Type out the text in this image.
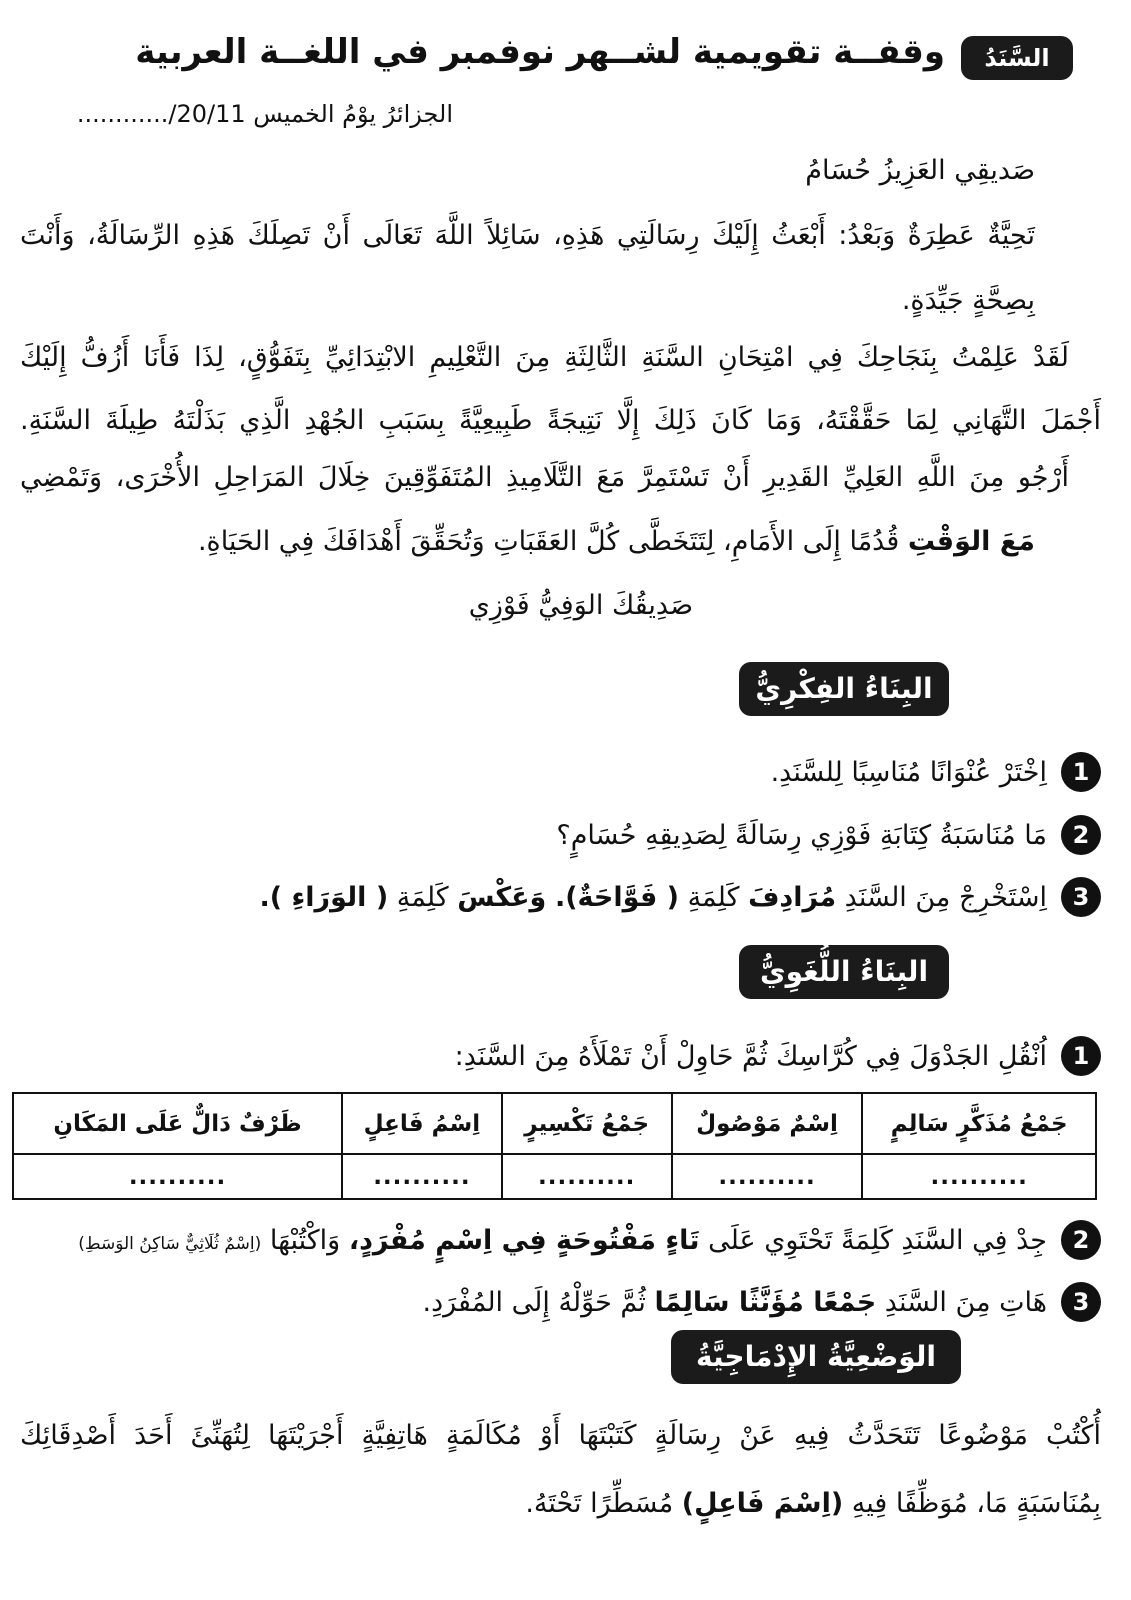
السَّنَدُ
وقفــة تقويمية لشــهر نوفمبر في اللغــة العربية
الجزائرُ يوْمُ الخميس 20/11/............
صَديقِي العَزِيزُ حُسَامُ
تَحِيَّةٌ عَطِرَةٌ وَبَعْدُ: أَبْعَثُ إِلَيْكَ رِسَالَتِي هَذِهِ، سَائِلاً اللَّهَ تَعَالَى أَنْ تَصِلَكَ هَذِهِ الرِّسَالَةُ، وَأَنْتَ
بِصِحَّةٍ جَيِّدَةٍ.
لَقَدْ عَلِمْتُ بِنَجَاحِكَ فِي امْتِحَانِ السَّنَةِ الثَّالِثَةِ مِنَ التَّعْلِيمِ الابْتِدَائِيِّ بِتَفَوُّقٍ، لِذَا فَأَنَا أَزُفُّ إِلَيْكَ
أَجْمَلَ التَّهَانِي لِمَا حَقَّقْتَهُ، وَمَا كَانَ ذَلِكَ إِلَّا نَتِيجَةً طَبِيعِيَّةً بِسَبَبِ الجُهْدِ الَّذِي بَذَلْتَهُ طِيلَةَ السَّنَةِ.
أَرْجُو مِنَ اللَّهِ العَلِيِّ القَدِيرِ أَنْ تَسْتَمِرَّ مَعَ التَّلَامِيذِ المُتَفَوِّقِينَ خِلَالَ المَرَاحِلِ الأُخْرَى، وَتَمْضِي
مَعَ الوَقْتِ قُدُمًا إِلَى الأَمَامِ، لِتَتَخَطَّى كُلَّ العَقَبَاتِ وَتُحَقِّقَ أَهْدَافَكَ فِي الحَيَاةِ.
صَدِيقُكَ الوَفِيُّ فَوْزِي
البِنَاءُ الفِكْرِيُّ
1
اِخْتَرْ عُنْوَانًا مُنَاسِبًا لِلسَّنَدِ.
2
مَا مُنَاسَبَةُ كِتَابَةِ فَوْزِي رِسَالَةً لِصَدِيقِهِ حُسَامٍ؟
3
اِسْتَخْرِجْ مِنَ السَّنَدِ مُرَادِفَ كَلِمَةِ ( فَوَّاحَةٌ). وَعَكْسَ كَلِمَةِ ( الوَرَاءِ ).
البِنَاءُ اللُّغَوِيُّ
1
اُنْقُلِ الجَدْوَلَ فِي كُرَّاسِكَ ثُمَّ حَاوِلْ أَنْ تَمْلَأَهُ مِنَ السَّنَدِ:
جَمْعُ مُذَكَّرٍ سَالِمٍ	اِسْمٌ مَوْصُولٌ	جَمْعُ تَكْسِيرٍ	اِسْمُ فَاعِلٍ	ظَرْفٌ دَالٌّ عَلَى المَكَانِ
..........	..........	..........	..........	..........
2
جِدْ فِي السَّنَدِ كَلِمَةً تَحْتَوِي عَلَى تَاءٍ مَفْتُوحَةٍ فِي اِسْمٍ مُفْرَدٍ، وَاكْتُبْهَا (اِسْمٌ ثُلَاثِيٌّ سَاكِنُ الوَسَطِ)
3
هَاتِ مِنَ السَّنَدِ جَمْعًا مُؤَنَّثًا سَالِمًا ثُمَّ حَوِّلْهُ إِلَى المُفْرَدِ.
الوَضْعِيَّةُ الإِدْمَاجِيَّةُ
أُكْتُبْ مَوْضُوعًا تَتَحَدَّثُ فِيهِ عَنْ رِسَالَةٍ كَتَبْتَهَا أَوْ مُكَالَمَةٍ هَاتِفِيَّةٍ أَجْرَيْتَهَا لِتُهَنِّئَ أَحَدَ أَصْدِقَائِكَ
بِمُنَاسَبَةٍ مَا، مُوَظِّفًا فِيهِ (اِسْمَ فَاعِلٍ) مُسَطِّرًا تَحْتَهُ.
